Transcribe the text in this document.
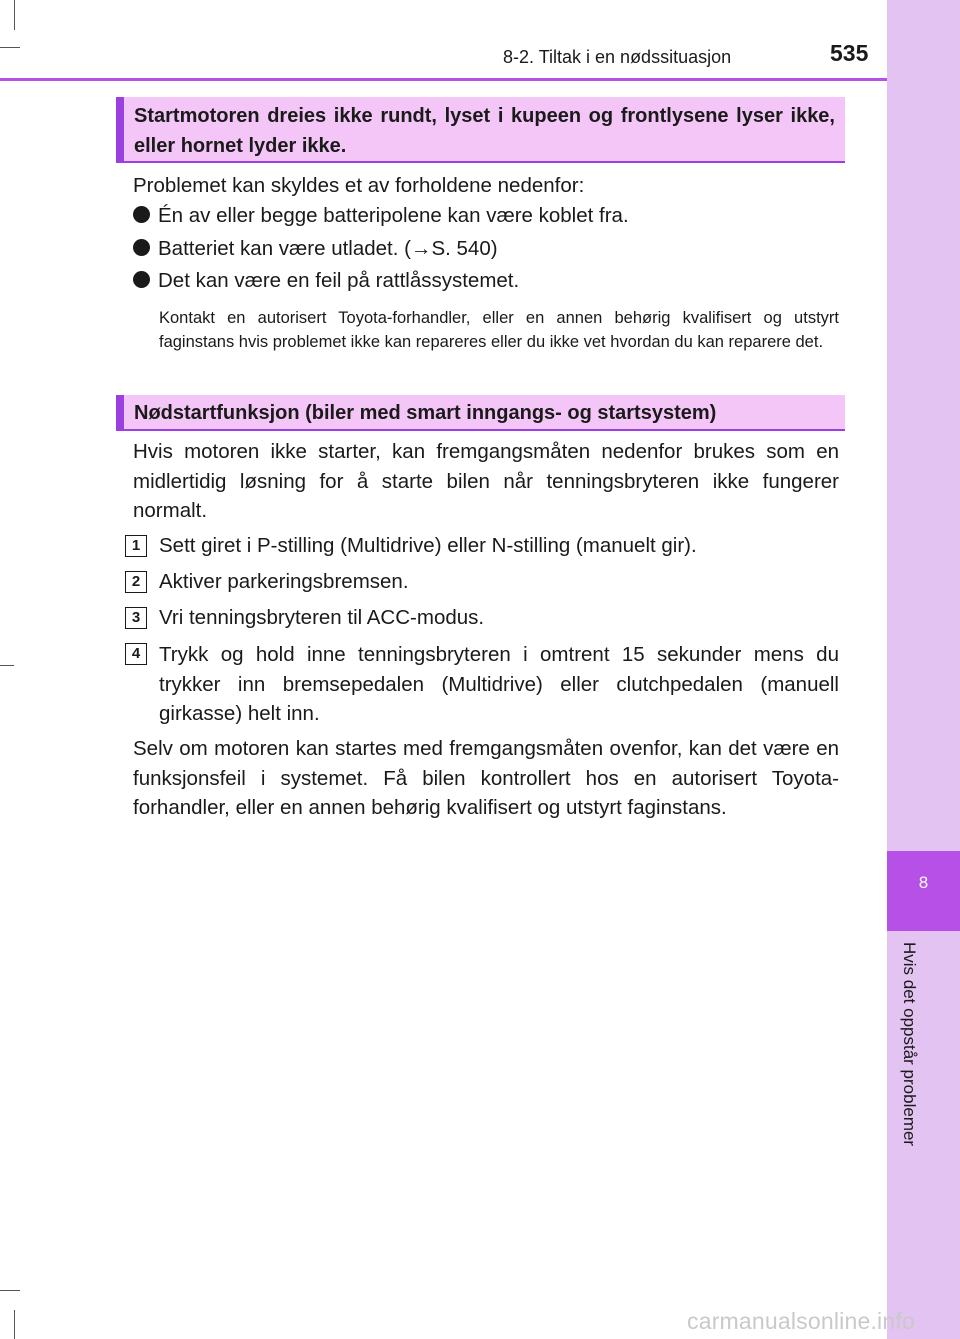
8
Hvis det oppstår problemer
8-2. Tiltak i en nødssituasjon	535
Startmotoren dreies ikke rundt, lyset i kupeen og frontlysene lyser ikke, eller hornet lyder ikke.
Problemet kan skyldes et av forholdene nedenfor:
Én av eller begge batteripolene kan være koblet fra.
Batteriet kan være utladet. (→S. 540)
Det kan være en feil på rattlåssystemet.
Kontakt en autorisert Toyota-forhandler, eller en annen behørig kvalifisert og utstyrt faginstans hvis problemet ikke kan repareres eller du ikke vet hvordan du kan reparere det.
Nødstartfunksjon (biler med smart inngangs- og startsystem)
Hvis motoren ikke starter, kan fremgangsmåten nedenfor brukes som en midlertidig løsning for å starte bilen når tenningsbryteren ikke fungerer normalt.
1 Sett giret i P-stilling (Multidrive) eller N-stilling (manuelt gir).
2 Aktiver parkeringsbremsen.
3 Vri tenningsbryteren til ACC-modus.
4 Trykk og hold inne tenningsbryteren i omtrent 15 sekunder mens du trykker inn bremsepedalen (Multidrive) eller clutchpedalen (manuell girkasse) helt inn.
Selv om motoren kan startes med fremgangsmåten ovenfor, kan det være en funksjonsfeil i systemet. Få bilen kontrollert hos en autorisert Toyota-forhandler, eller en annen behørig kvalifisert og utstyrt faginstans.
carmanualsonline.info
